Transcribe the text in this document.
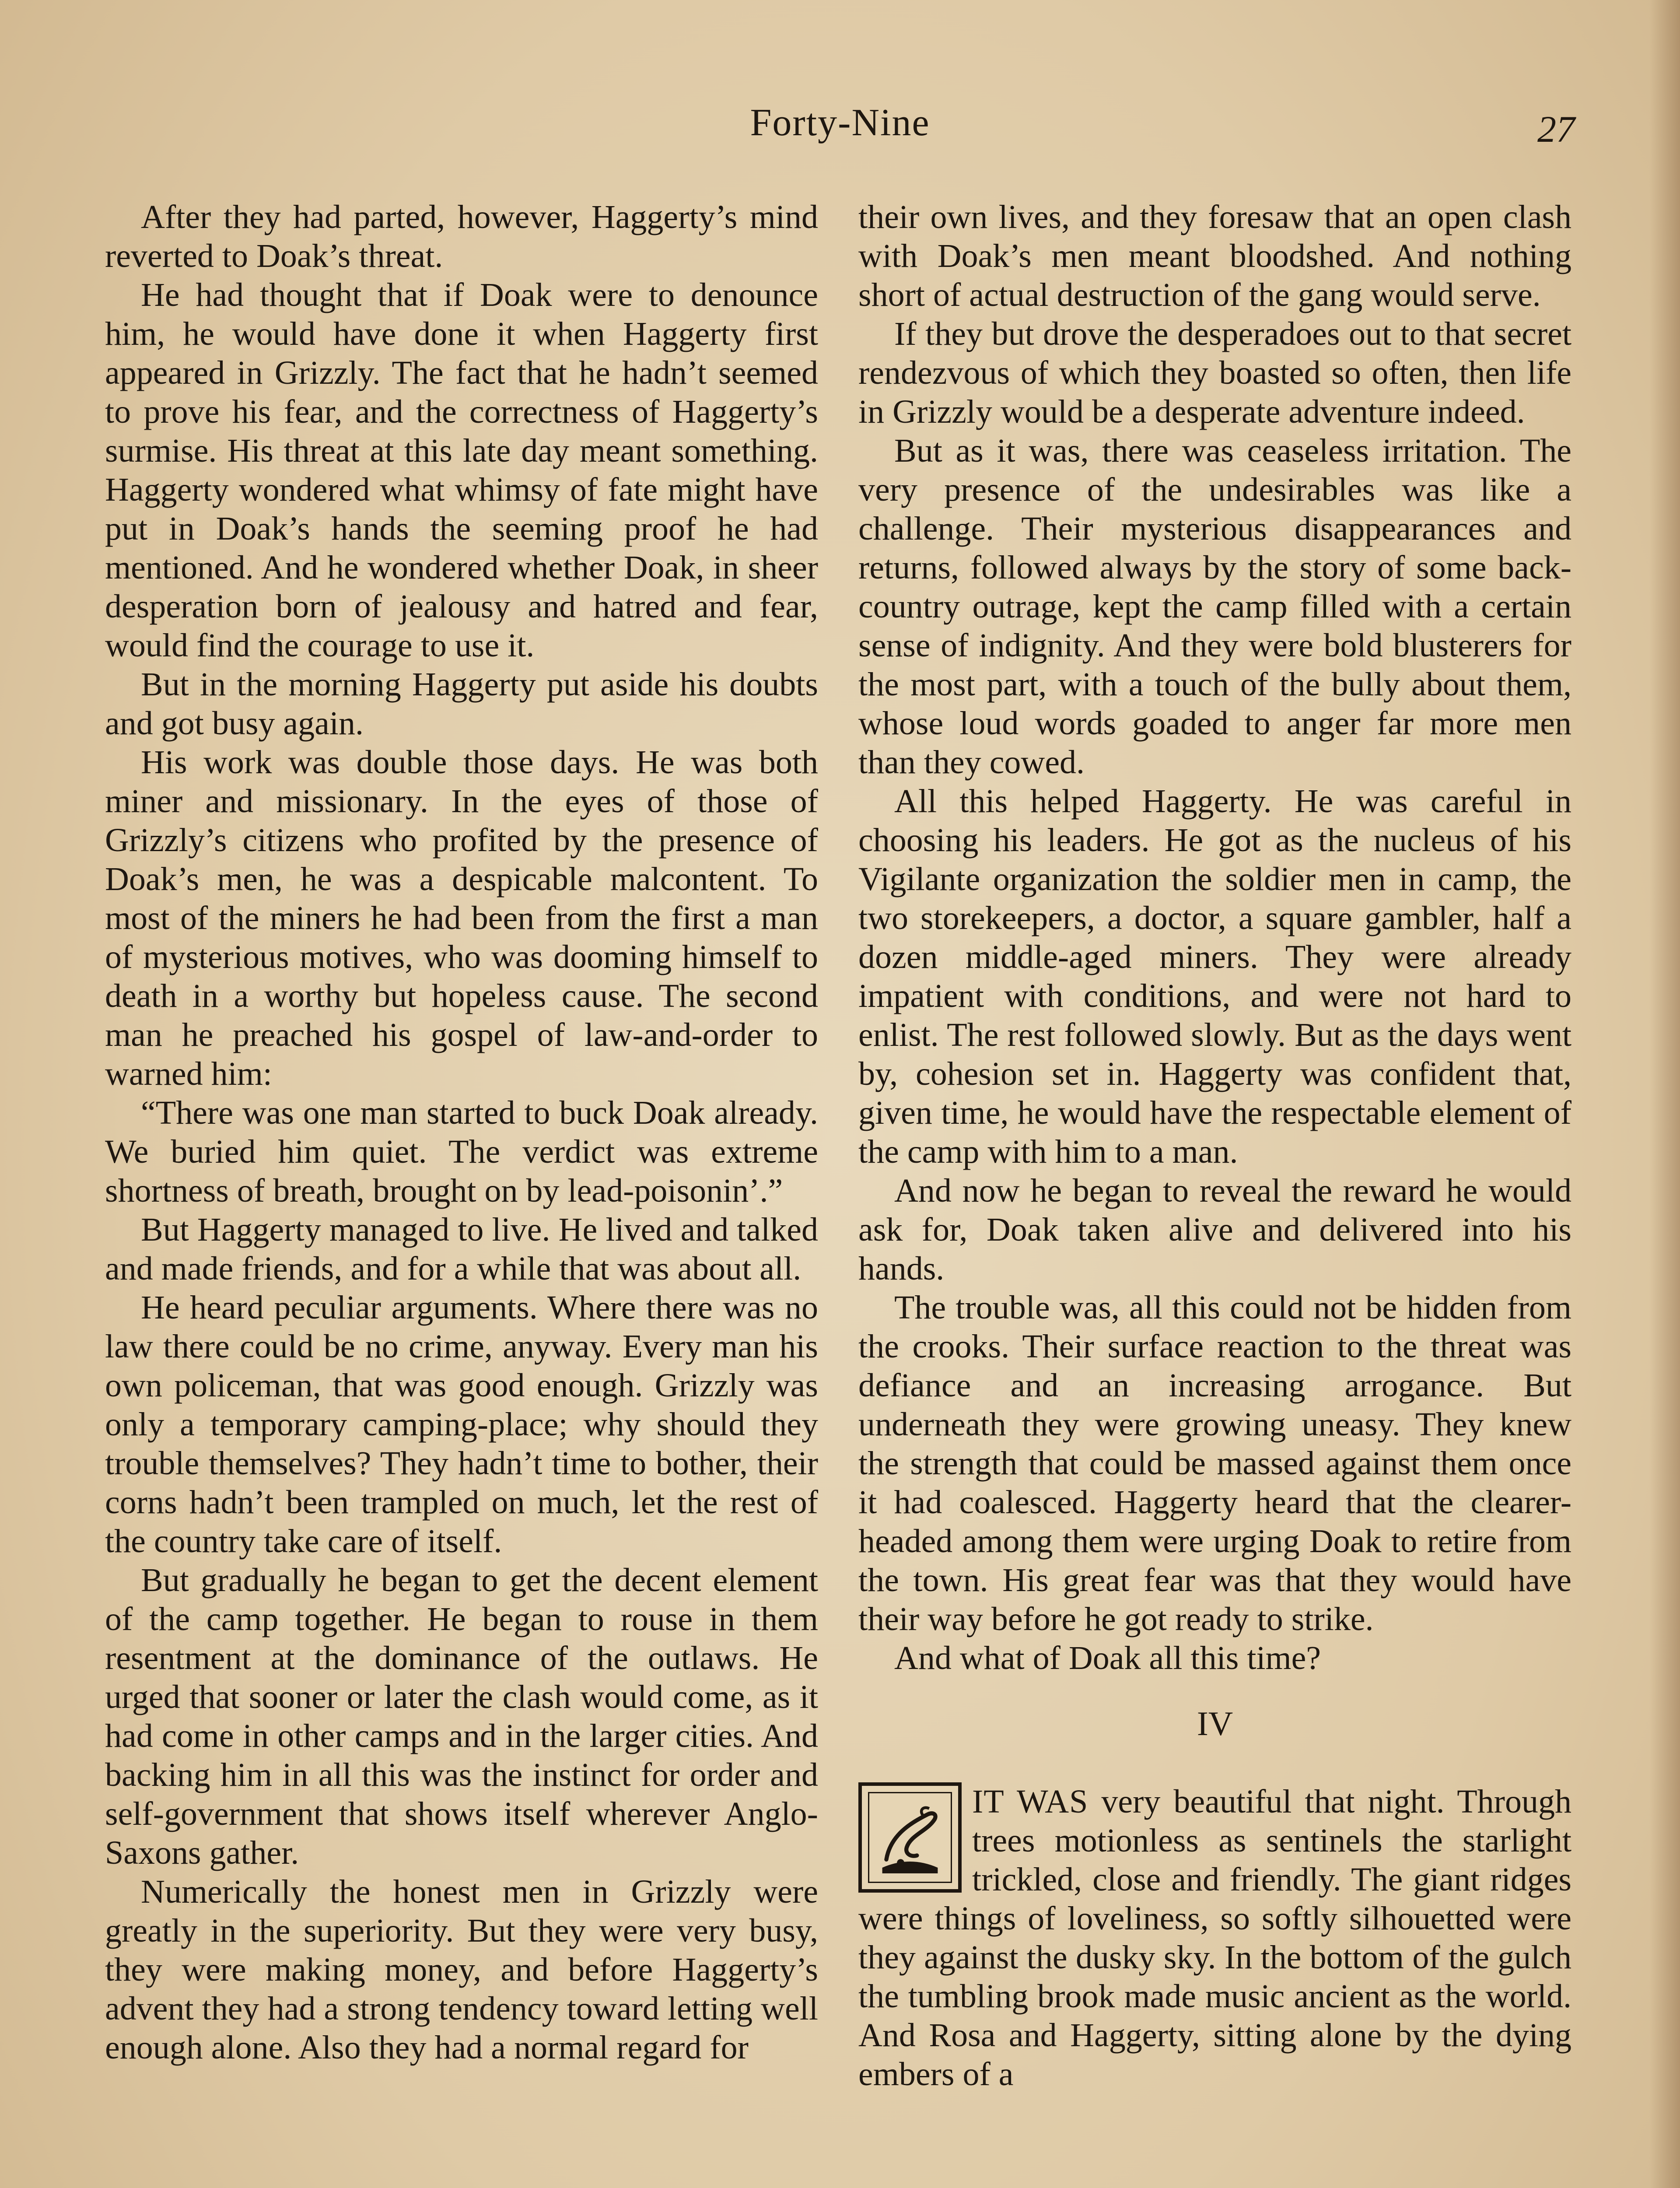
Forty-Nine	27

After they had parted, however, Haggerty’s mind reverted to Doak’s threat.

He had thought that if Doak were to denounce him, he would have done it when Haggerty first appeared in Grizzly. The fact that he hadn’t seemed to prove his fear, and the correctness of Haggerty’s surmise. His threat at this late day meant something. Haggerty wondered what whimsy of fate might have put in Doak’s hands the seeming proof he had mentioned. And he wondered whether Doak, in sheer desperation born of jealousy and hatred and fear, would find the courage to use it.

But in the morning Haggerty put aside his doubts and got busy again.

His work was double those days. He was both miner and missionary. In the eyes of those of Grizzly’s citizens who profited by the presence of Doak’s men, he was a despicable malcontent. To most of the miners he had been from the first a man of mysterious motives, who was dooming himself to death in a worthy but hopeless cause. The second man he preached his gospel of law-and-order to warned him:

“There was one man started to buck Doak already. We buried him quiet. The verdict was extreme shortness of breath, brought on by lead-poisonin’.”

But Haggerty managed to live. He lived and talked and made friends, and for a while that was about all.

He heard peculiar arguments. Where there was no law there could be no crime, anyway. Every man his own policeman, that was good enough. Grizzly was only a temporary camping-place; why should they trouble themselves? They hadn’t time to bother, their corns hadn’t been trampled on much, let the rest of the country take care of itself.

But gradually he began to get the decent element of the camp together. He began to rouse in them resentment at the dominance of the outlaws. He urged that sooner or later the clash would come, as it had come in other camps and in the larger cities. And backing him in all this was the instinct for order and self-government that shows itself wherever Anglo-Saxons gather.

Numerically the honest men in Grizzly were greatly in the superiority. But they were very busy, they were making money, and before Haggerty’s advent they had a strong tendency toward letting well enough alone. Also they had a normal regard for

their own lives, and they foresaw that an open clash with Doak’s men meant bloodshed. And nothing short of actual destruction of the gang would serve.

If they but drove the desperadoes out to that secret rendezvous of which they boasted so often, then life in Grizzly would be a desperate adventure indeed.

But as it was, there was ceaseless irritation. The very presence of the undesirables was like a challenge. Their mysterious disappearances and returns, followed always by the story of some back-country outrage, kept the camp filled with a certain sense of indignity. And they were bold blusterers for the most part, with a touch of the bully about them, whose loud words goaded to anger far more men than they cowed.

All this helped Haggerty. He was careful in choosing his leaders. He got as the nucleus of his Vigilante organization the soldier men in camp, the two storekeepers, a doctor, a square gambler, half a dozen middle-aged miners. They were already impatient with conditions, and were not hard to enlist. The rest followed slowly. But as the days went by, cohesion set in. Haggerty was confident that, given time, he would have the respectable element of the camp with him to a man.

And now he began to reveal the reward he would ask for, Doak taken alive and delivered into his hands.

The trouble was, all this could not be hidden from the crooks. Their surface reaction to the threat was defiance and an increasing arrogance. But underneath they were growing uneasy. They knew the strength that could be massed against them once it had coalesced. Haggerty heard that the clearer-headed among them were urging Doak to retire from the town. His great fear was that they would have their way before he got ready to strike.

And what of Doak all this time?

IV

IT WAS very beautiful that night. Through trees motionless as sentinels the starlight trickled, close and friendly. The giant ridges were things of loveliness, so softly silhouetted were they against the dusky sky. In the bottom of the gulch the tumbling brook made music ancient as the world. And Rosa and Haggerty, sitting alone by the dying embers of a
